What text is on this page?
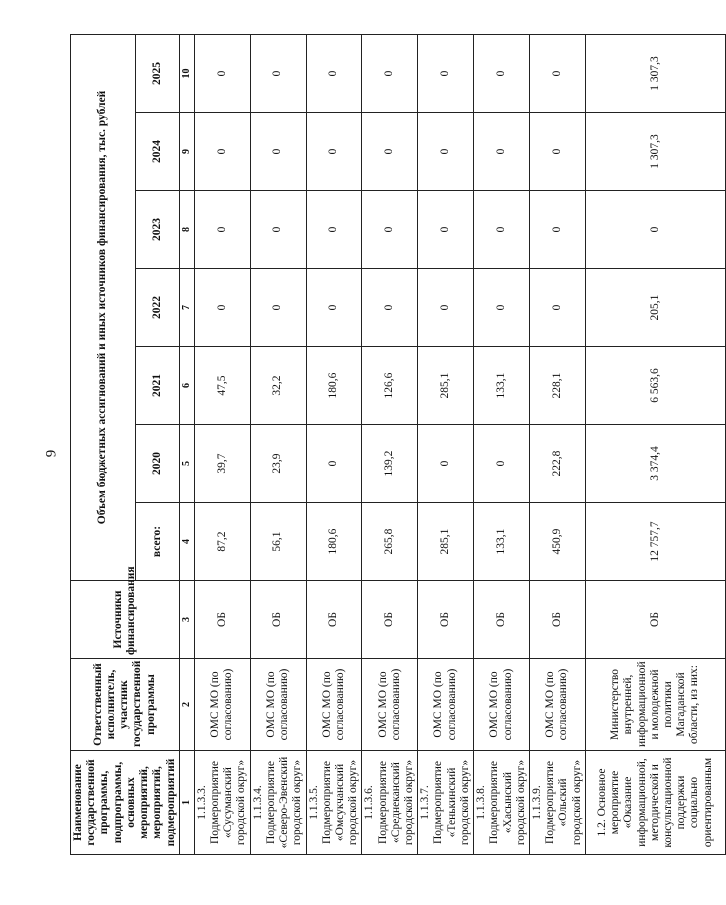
9
Наименование государственной программы, подпрограммы, основных мероприятий, мероприятий, подмероприятий	Ответственный исполнитель, участник государственной программы	Источники финансирования	Объем бюджетных ассигнований и иных источников финансирования, тыс. рублей						
			всего:	2020	2021	2022	2023	2024	2025
1	2	3	4	5	6	7	8	9	10
1.1.3.3. Подмероприятие «Сусуманский городской округ»	ОМС МО (по согласованию)	ОБ	87,2	39,7	47,5	0	0	0	0
1.1.3.4. Подмероприятие «Северо-Эвенский городской округ»	ОМС МО (по согласованию)	ОБ	56,1	23,9	32,2	0	0	0	0
1.1.3.5. Подмероприятие «Омсукчанский городской округ»	ОМС МО (по согласованию)	ОБ	180,6	0	180,6	0	0	0	0
1.1.3.6. Подмероприятие «Среднеканский городской округ»	ОМС МО (по согласованию)	ОБ	265,8	139,2	126,6	0	0	0	0
1.1.3.7. Подмероприятие «Тенькинский городской округ»	ОМС МО (по согласованию)	ОБ	285,1	0	285,1	0	0	0	0
1.1.3.8. Подмероприятие «Хасынский городской округ»	ОМС МО (по согласованию)	ОБ	133,1	0	133,1	0	0	0	0
1.1.3.9. Подмероприятие «Ольский городской округ»	ОМС МО (по согласованию)	ОБ	450,9	222,8	228,1	0	0	0	0
1.2. Основное мероприятие «Оказание информационной, методической и консультационной поддержки социально ориентированным	Министерство внутренней, информационной и молодежной политики Магаданской области, из них:	ОБ	12 757,7	3 374,4	6 563,6	205,1	0	1 307,3	1 307,3
